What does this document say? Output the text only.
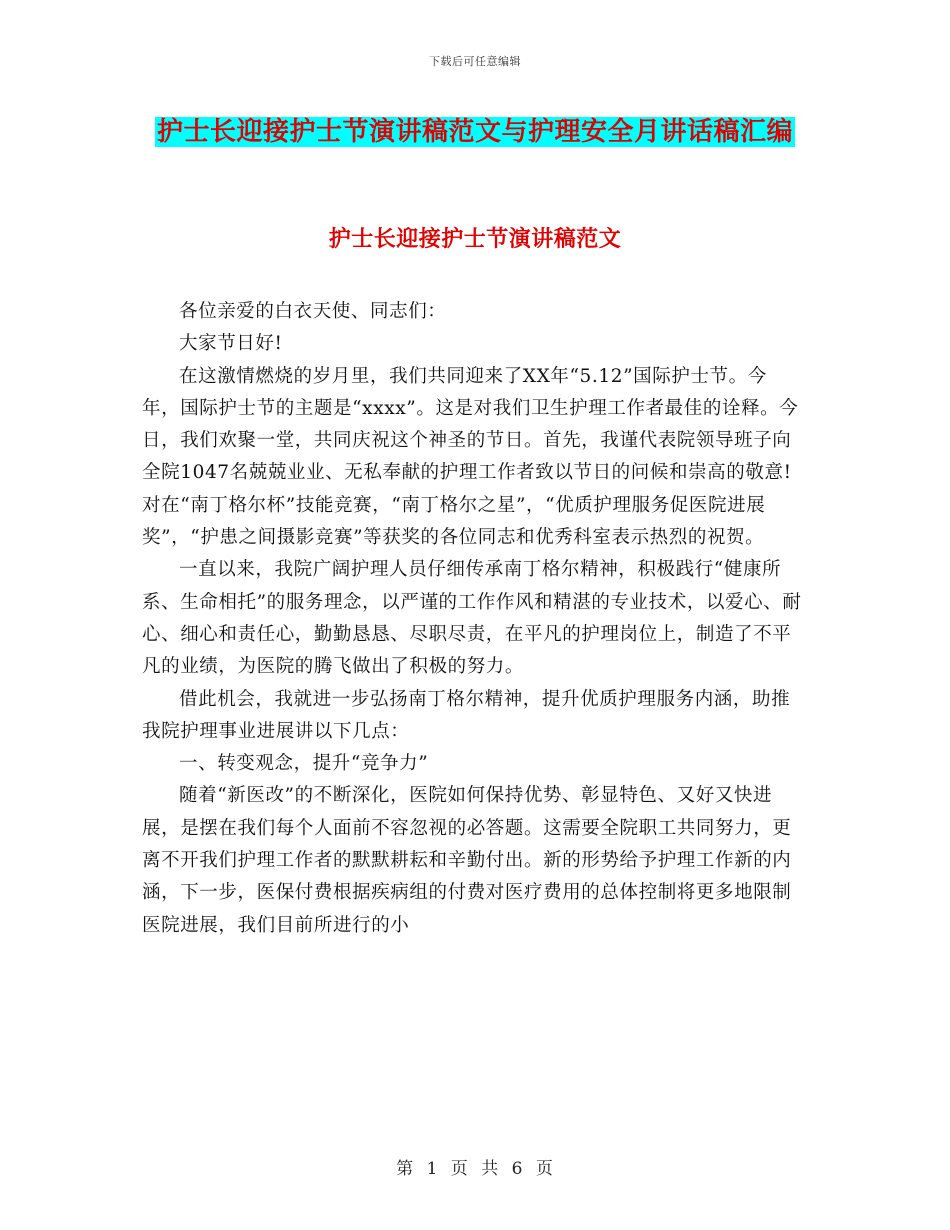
下载后可任意编辑
护士长迎接护士节演讲稿范文与护理安全月讲话稿汇编
护士长迎接护士节演讲稿范文

各位亲爱的白衣天使、同志们：

大家节日好!

在这激情燃烧的岁月里，我们共同迎来了XX年“5.12”国际护士节。今年，国际护士节的主题是“xxxx”。这是对我们卫生护理工作者最佳的诠释。今日，我们欢聚一堂，共同庆祝这个神圣的节日。首先，我谨代表院领导班子向全院1047名兢兢业业、无私奉献的护理工作者致以节日的问候和崇高的敬意!对在“南丁格尔杯”技能竞赛，“南丁格尔之星”，“优质护理服务促医院进展奖”，“护患之间摄影竞赛”等获奖的各位同志和优秀科室表示热烈的祝贺。

一直以来，我院广阔护理人员仔细传承南丁格尔精神，积极践行“健康所系、生命相托”的服务理念，以严谨的工作作风和精湛的专业技术，以爱心、耐心、细心和责任心，勤勤恳恳、尽职尽责，在平凡的护理岗位上，制造了不平凡的业绩，为医院的腾飞做出了积极的努力。

借此机会，我就进一步弘扬南丁格尔精神，提升优质护理服务内涵，助推我院护理事业进展讲以下几点：

一、转变观念，提升“竞争力”

随着“新医改”的不断深化，医院如何保持优势、彰显特色、又好又快进展，是摆在我们每个人面前不容忽视的必答题。这需要全院职工共同努力，更离不开我们护理工作者的默默耕耘和辛勤付出。新的形势给予护理工作新的内涵，下一步，医保付费根据疾病组的付费对医疗费用的总体控制将更多地限制医院进展，我们目前所进行的小

第 1 页 共 6 页
